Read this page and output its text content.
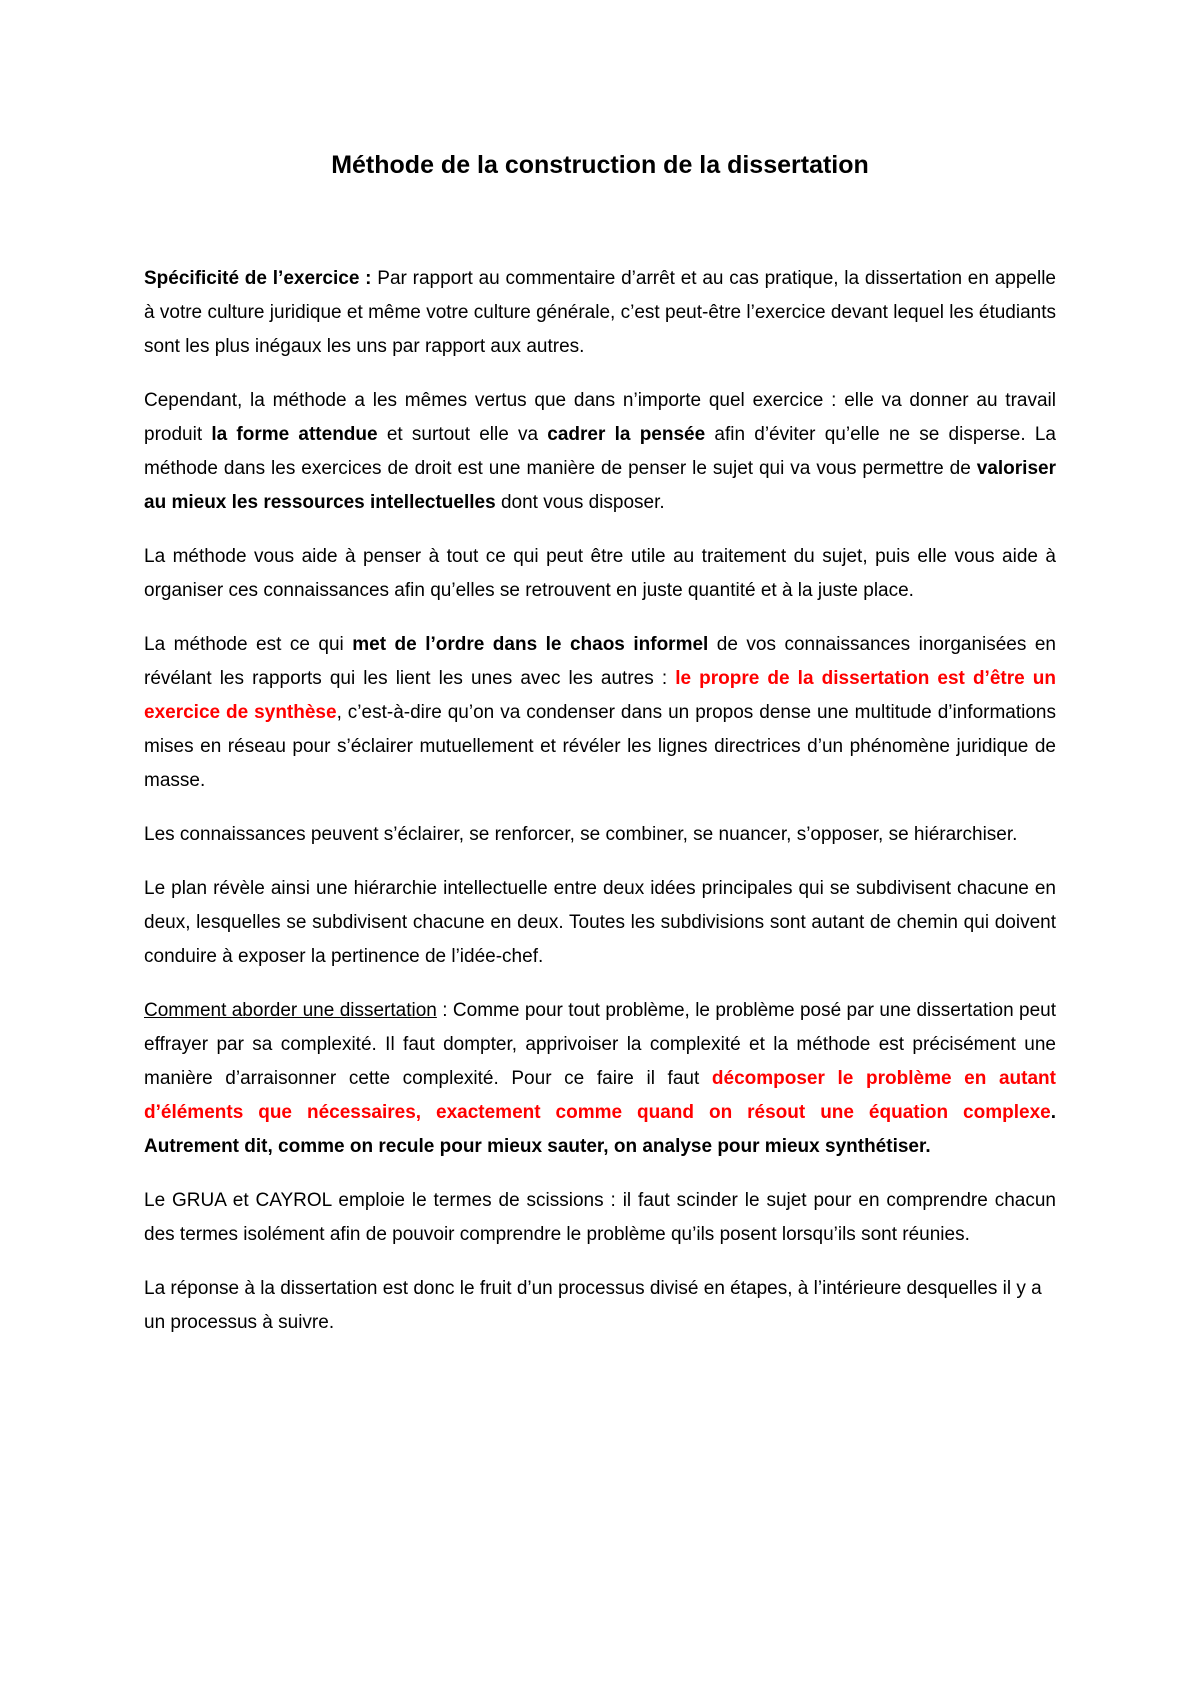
Méthode de la construction de la dissertation

Spécificité de l’exercice : Par rapport au commentaire d’arrêt et au cas pratique, la dissertation en appelle à votre culture juridique et même votre culture générale, c’est peut-être l’exercice devant lequel les étudiants sont les plus inégaux les uns par rapport aux autres.

Cependant, la méthode a les mêmes vertus que dans n’importe quel exercice : elle va donner au travail produit la forme attendue et surtout elle va cadrer la pensée afin d’éviter qu’elle ne se disperse. La méthode dans les exercices de droit est une manière de penser le sujet qui va vous permettre de valoriser au mieux les ressources intellectuelles dont vous disposer.

La méthode vous aide à penser à tout ce qui peut être utile au traitement du sujet, puis elle vous aide à organiser ces connaissances afin qu’elles se retrouvent en juste quantité et à la juste place.

La méthode est ce qui met de l’ordre dans le chaos informel de vos connaissances inorganisées en révélant les rapports qui les lient les unes avec les autres : le propre de la dissertation est d’être un exercice de synthèse, c’est-à-dire qu’on va condenser dans un propos dense une multitude d’informations mises en réseau pour s’éclairer mutuellement et révéler les lignes directrices d’un phénomène juridique de masse.

Les connaissances peuvent s’éclairer, se renforcer, se combiner, se nuancer, s’opposer, se hiérarchiser.

Le plan révèle ainsi une hiérarchie intellectuelle entre deux idées principales qui se subdivisent chacune en deux, lesquelles se subdivisent chacune en deux. Toutes les subdivisions sont autant de chemin qui doivent conduire à exposer la pertinence de l’idée-chef.

Comment aborder une dissertation : Comme pour tout problème, le problème posé par une dissertation peut effrayer par sa complexité. Il faut dompter, apprivoiser la complexité et la méthode est précisément une manière d’arraisonner cette complexité. Pour ce faire il faut décomposer le problème en autant d’éléments que nécessaires, exactement comme quand on résout une équation complexe. Autrement dit, comme on recule pour mieux sauter, on analyse pour mieux synthétiser.

Le GRUA et CAYROL emploie le termes de scissions : il faut scinder le sujet pour en comprendre chacun des termes isolément afin de pouvoir comprendre le problème qu’ils posent lorsqu’ils sont réunies.

La réponse à la dissertation est donc le fruit d’un processus divisé en étapes, à l’intérieure desquelles il y a un processus à suivre.
